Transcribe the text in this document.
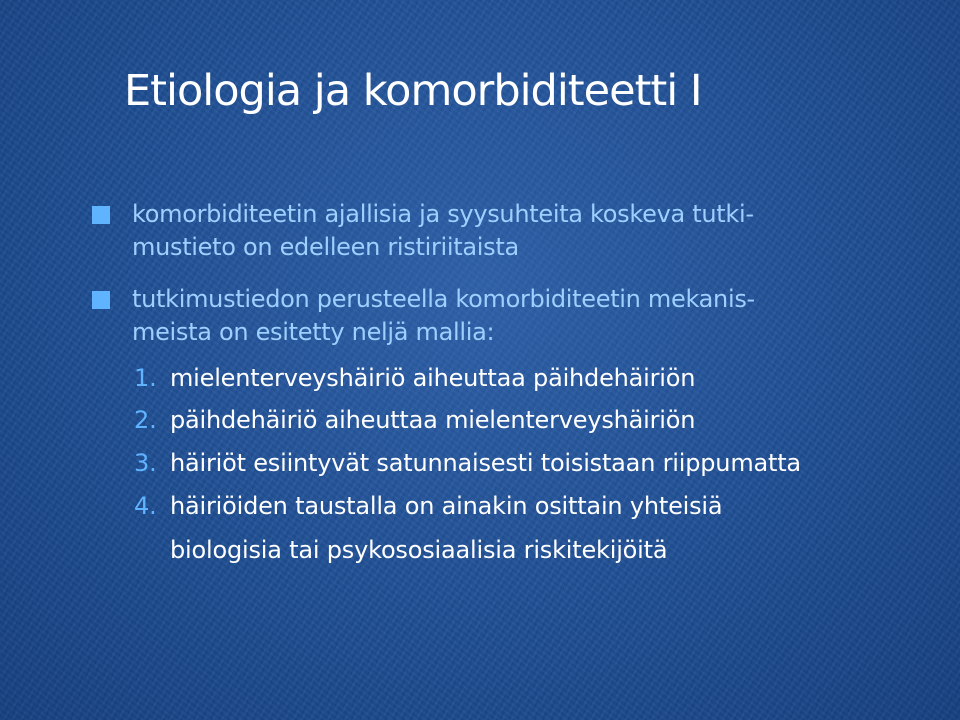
Etiologia ja komorbiditeetti I
komorbiditeetin ajallisia ja syysuhteita koskeva tutki-
mustieto on edelleen ristiriitaista
tutkimustiedon perusteella komorbiditeetin mekanis-
meista on esitetty neljä mallia:
1. mielenterveyshäiriö aiheuttaa päihdehäiriön
2. päihdehäiriö aiheuttaa mielenterveyshäiriön
3. häiriöt esiintyvät satunnaisesti toisistaan riippumatta
4. häiriöiden taustalla on ainakin osittain yhteisiä
biologisia tai psykososiaalisia riskitekijöitä
